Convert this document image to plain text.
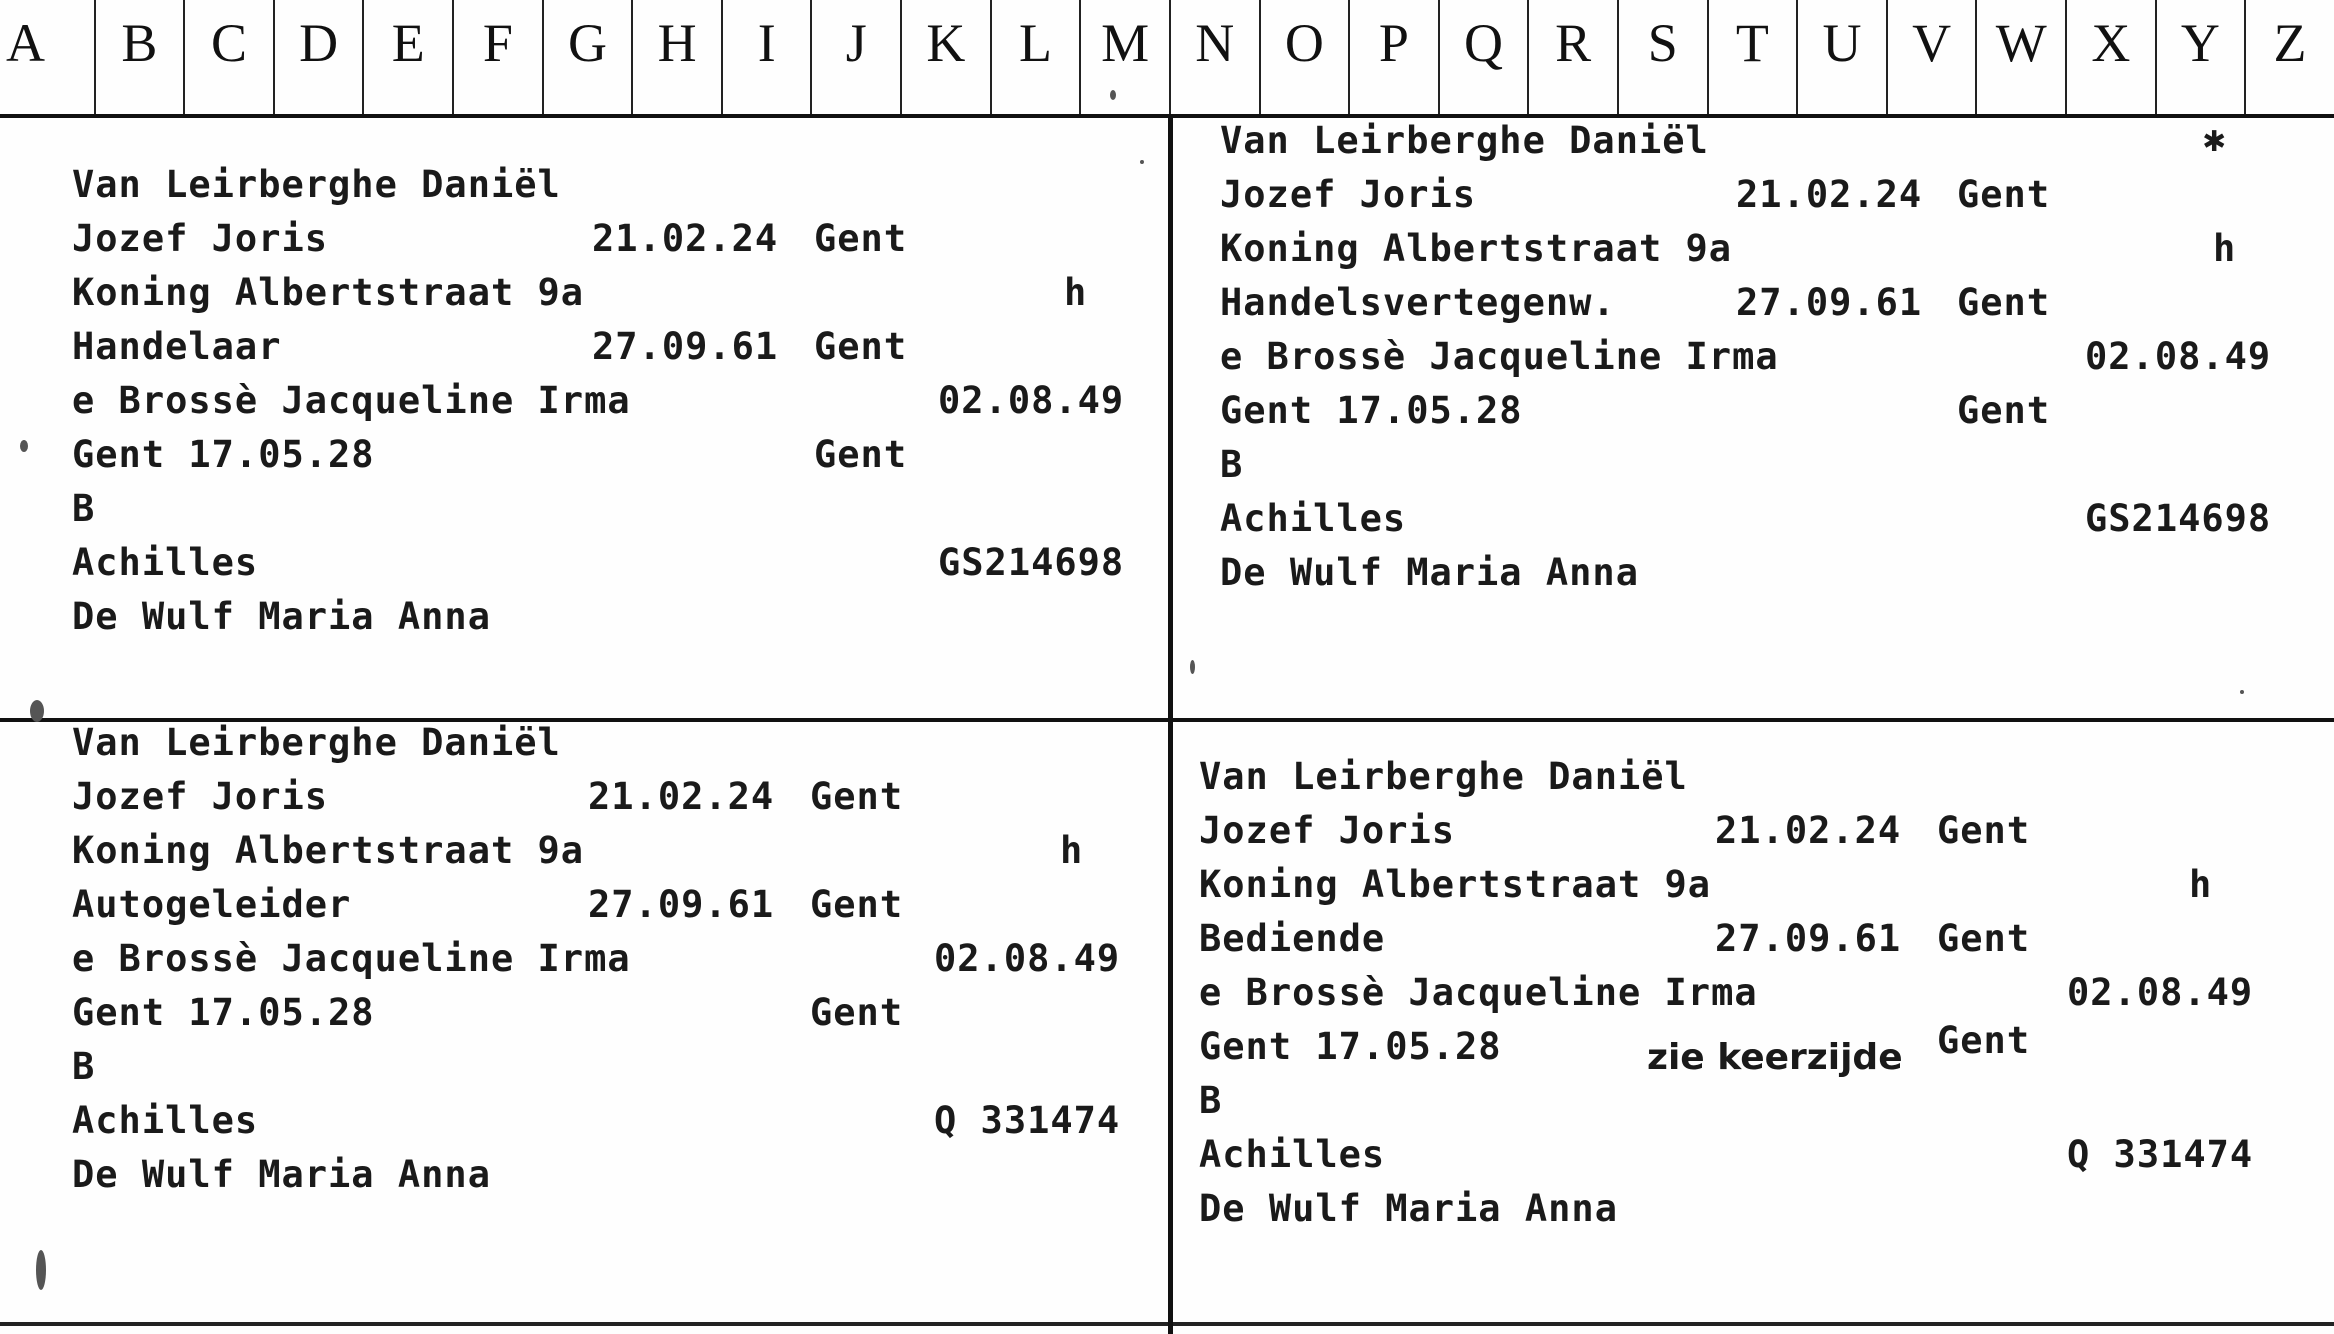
A	B C D E	F	G H	I	J	K L M N O	P	Q R	S	T U V W X Y Z
Van Leirberghe Daniël
Jozef Joris	21.02.24 Gent
Koning Albertstraat 9a	h
Handelaar	27.09.61 Gent
e Brossè Jacqueline Irma	02.08.49
Gent 17.05.28	Gent
B
Achilles	GS214698
De Wulf Maria Anna
Van Leirberghe Daniël	✱
Jozef Joris	21.02.24 Gent
Koning Albertstraat 9a	h
Handelsvertegenw.	27.09.61 Gent
e Brossè Jacqueline Irma	02.08.49
Gent 17.05.28	Gent
B
Achilles	GS214698
De Wulf Maria Anna
Van Leirberghe Daniël
Jozef Joris	21.02.24 Gent
Koning Albertstraat 9a	h
Autogeleider	27.09.61 Gent
e Brossè Jacqueline Irma	02.08.49
Gent 17.05.28	Gent
B
Achilles	Q 331474
De Wulf Maria Anna
Van Leirberghe Daniël
Jozef Joris	21.02.24 Gent
Koning Albertstraat 9a	h
Bediende	27.09.61 Gent
e Brossè Jacqueline Irma	02.08.49
Gent 17.05.28	zie keerzijde Gent
B
Achilles	Q 331474
De Wulf Maria Anna
